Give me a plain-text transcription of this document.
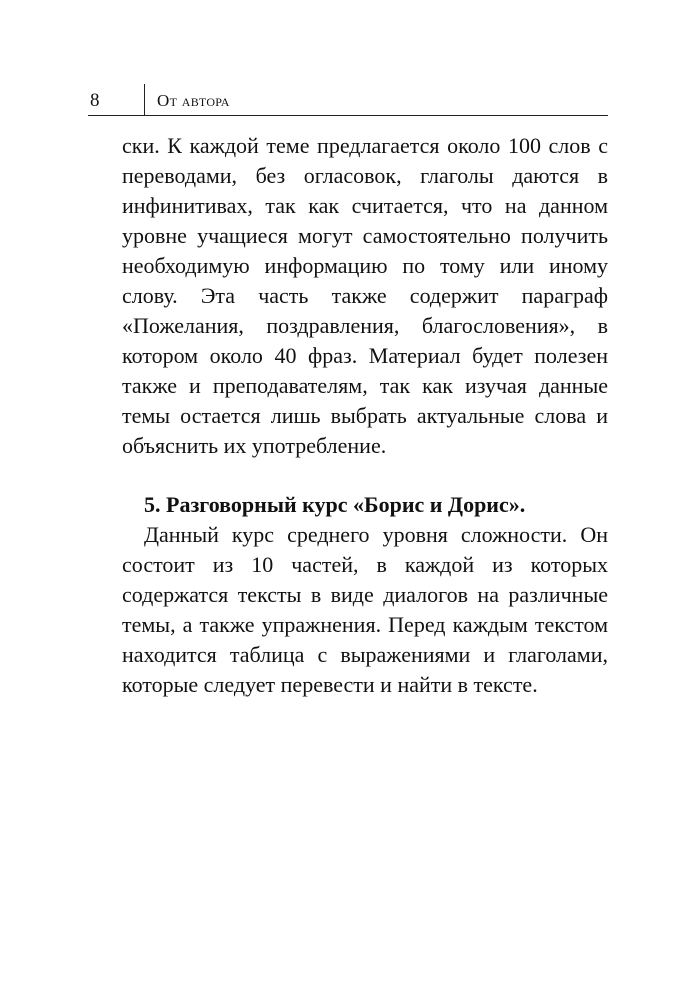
8	От автора

ски. К каждой теме предлагается около 100 слов с переводами, без огласовок, глаголы даются в инфинитивах, так как считается, что на данном уровне учащиеся могут самостоятельно получить необходимую информацию по тому или иному слову. Эта часть также содержит параграф «Пожелания, поздравления, благословения», в котором около 40 фраз. Материал будет полезен также и преподавателям, так как изучая данные темы остается лишь выбрать актуальные слова и объяснить их употребление.

5. Разговорный курс «Борис и Дорис».

Данный курс среднего уровня сложности. Он состоит из 10 частей, в каждой из которых содержатся тексты в виде диалогов на различные темы, а также упражнения. Перед каждым текстом находится таблица с выражениями и глаголами, которые следует перевести и найти в тексте.
